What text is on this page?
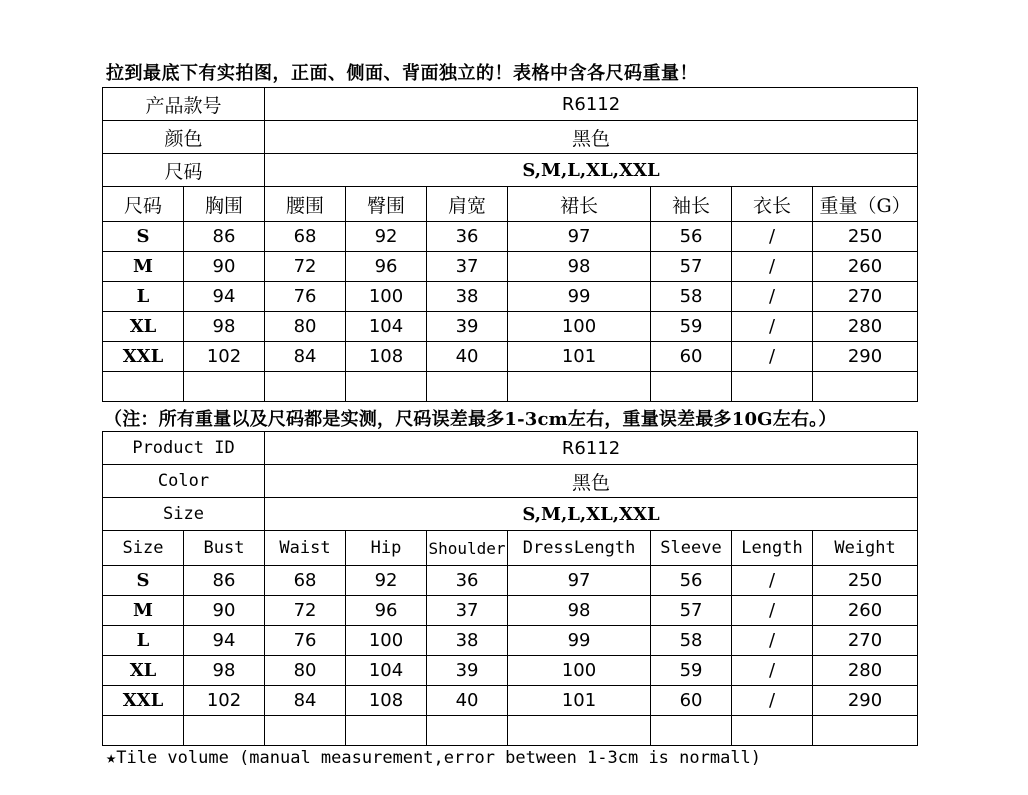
拉到最底下有实拍图，正面、侧面、背面独立的！表格中含各尺码重量！
产品款号		R6112						
颜色		黑色						
尺码		S,M,L,XL,XXL						
尺码	胸围	腰围	臀围	肩宽	裙长	袖长	衣长	重量（G）
S	86	68	92	36	97	56	/	250
M	90	72	96	37	98	57	/	260
L	94	76	100	38	99	58	/	270
XL	98	80	104	39	100	59	/	280
XXL	102	84	108	40	101	60	/	290

（注：所有重量以及尺码都是实测，尺码误差最多1-3cm左右，重量误差最多10G左右。）
Product ID		R6112						
Color		黑色						
Size		S,M,L,XL,XXL						
Size	Bust	Waist	Hip	Shoulder	DressLength	Sleeve	Length	Weight
S	86	68	92	36	97	56	/	250
M	90	72	96	37	98	57	/	260
L	94	76	100	38	99	58	/	270
XL	98	80	104	39	100	59	/	280
XXL	102	84	108	40	101	60	/	290

★Tile volume (manual measurement,error between 1-3cm is normall)
